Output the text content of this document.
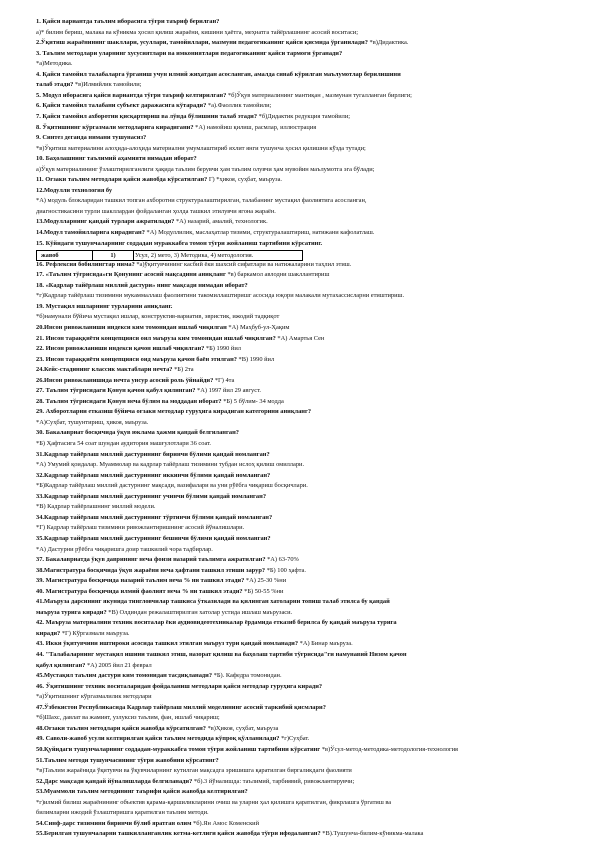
жавоб	1)	Усул, 2) мето, 3) Методика, 4) методология.
1. Қайси вариантда таълим иборасига тўғри таъриф берилган?
а)* билим бериш, малака ва кўникма ҳосил қилиш жараёни, кишини ҳаётга, меҳнатга тайёрлашнинг асосий воситаси;
2.Ўқитиш жараёнининг шакллари, усуллари, тамойиллари, мазмуни педагогиканинг қайси қисмида ўрганилади? *в)Дидактика.
3. Таълим методлари уларнинг хусусиятлари ва имкониятлари педагогиканинг қайси тармоғи ўрганади?
*а)Методика.
4. Қайси тамойил талабаларга ўрганиш учун илмий жиҳатдан асосланган, амалда синаб кўрилган маълумотлар берилишини
талаб этади? *в)Илмийлик тамойили;
5. Модул иборасига қайси вариантда тўғри таъриф келтирилган? *б)Ўқув материалининг мантиқан , мазмунан тугалланган бирлиги;
6. Қайси тамойил талабани субъект даражасига кўтаради? *а).Фаоллик тамойили;
7. Қайси тамойил ахборотни қисқартириш ва лўнда бўлишини талаб этади? *б)Дидактик редукция тамойили;
8. Ўқитишнинг кўргазмали методларига кирадигани? *А) намойиш қилиш, расмлар, иллюстрация
9. Синтез деганда нимани тушунасиз?
*в)Ўқитиш материалини алоҳида-алоҳида материални умумлаштириб яхлит янги тушунча ҳосил қилишни кўзда тутади;
10. Баҳолашнинг таълимий аҳамияти нимадан иборат?
а)Ўқув материалининг ўзлаштирилганлиги ҳақида таълим берувчи ҳам таълим олувчи ҳам мувойин маълумотга эга бўлади;
11. Оғзаки таълим методлари қайси жавобда кўрсатилган? Г) *ҳикоя, суҳбат, маъруза.
12.Модулли технология бу
*А) модуль блокларидан ташкил топган ахборотни структуралаштирилган, талабанинг мустақил фаолиятига асосланган,
диагностикасини турли шакллардан фойдаланган ҳолда ташкил этилувчи ягона жараён.
13.Модулларнинг қандай турлари ажратилади? *А) назарий, амалий, технологик.
14.Модул тамойилларига кирадиган? *А) Модуллилик, маслаҳатлар тизими, структуралаштириш, натижани кафолатлаш.
15. Кўйидаги тушунчаларнинг соддадан мураккабга томон тўғри жойланиш тартибини кўрсатинг.
16. Рефлексия бобилингтар нима? *а)ўқитувчининг касбий ёки шахсий сифатлари ва натижаларини таҳлил этиш.
17. «Таълим тўғрисида»ги Қонунинг асосий мақсадини аниқланг *в) баркамол авлодни шакллантириш
18. «Кадрлар тайёрлаш миллий дастури» нинг мақсади нимадан иборат?
*г)Кадрлар тайёрлаш тизимини мукаммаллаш фаолиятини такомиллаштиришг асосида юқори малакали мутахассисларни етиштириш.
19. Мустақил ишларнинг турларини аниқланг.
*б)намунали бўйича мустақил ишлар, конструктив-вариатив, эвристик, ижодий тадқиқот
20.Инсон ривожланиши индекси ким томонидан ишлаб чиқилган *А) Маҳбуб-ул-Ҳақим
21. Инсон тараққиёти концепцияси оил маъруза ким томонидан ишлаб чиқилган? *А) Амартья Сен
22. Инсон ривожланиши индекси қачон ишлаб чиқилган? *Б) 1990 йил
23. Инсон тараққиёти концепцияси оид маъруза қачон баён этилган? *В) 1990 йил
24.Кейс-стадининг классик мактаблари нечта? *Б) 2та
26.Инсон ривожланишида нечта унсур асосий роль ўйнайди? *Г) 4та
27. Таълим тўғрисидаги Қонун қачон қабул қилинган? *А) 1997 йил 29 август.
28. Таълим тўғрисидаги Қонун неча бўлим ва моддадан иборат? *Б) 5 бўлим- 34 модда
29. Ахборотларни етказиш бўйича оғзаки методлар гуруҳига кирадиган категорини аниқланг?
*А)Суҳбат, тушунтириш, ҳикоя, маъруза.
30. Бакалавриат босқичида ўқув юклама ҳажми қандай белгиланган?
*Б) Ҳафтасига 54 соат шундан аудитория машғулотлари 36 соат.
31.Кадрлар тайёрлаш миллий дастурининг биринчи бўлими қандай номланган?
*А) Умумий қоидалар. Муаммолар ва кадрлар тайёрлаш тизимини тубдан ислоҳ қилиш омиллари.
32.Кадрлар тайёрлаш миллий дастурининг иккинчи бўлими қандай номланган?
*Б)Кадрлар тайёрлаш миллий дастурнинг мақсади, вазифалари ва уни рўёбга чиқариш босқичлари.
33.Кадрлар тайёрлаш миллий дастурининг учинчи бўлими қандай номланган?
*В) Кадрлар тайёрлашнинг миллий модели.
34.Кадрлар тайёрлаш миллий дастурининг тўртинчи бўлими қандай номланган?
*Г) Кадрлар тайёрлаш тизимини ривожлантиришнинг асосий йўналишлари.
35.Кадрлар тайёрлаш миллий дастурининг бешинчи бўлими қандай номланган?
*А) Дастурни рўёбга чиқаришга доир ташкилий чора тадбирлар.
37. Бакалавриатда ўқув даврининг неча фоизи назарий таълимга ажратилган? *А) 63-70%
38.Магистратура босқичида ўқув жараёни неча ҳафтани ташкил этиши зарур? *Б) 100 ҳафта.
39. Магистратура босқичида назарий таълим неча % ни ташкил этади? *А) 25-30 %ни
40. Магистратура босқичида илмий фаолият неча % ни ташкил этади? *Б) 50-55 %ни
41.Маъруза дарсининг якунида тингловчилар ташкиса ўтказилади ва қилинган хатоларни топиш талаб этилса бу қандай
маъруза турига киради? *В) Олдиндан режалаштирилган хатолар устида ишлаш маърузаси.
42. Маъруза материалини техник воситалар ёки аудиовидеотехникалар ёрдамида етказиб берилса бу қандай маъруза турига
киради? *Г) Кўргазмали маъруза.
43. Икки ўқитувчини иштироки асосида ташкил этилган маъруз тури қандай номланади? *А) Бинар маъруза.
44. "Талабаларнинг мустақил ишини ташкил этиш, назорат қилиш ва баҳолаш тартиби тўғрисида"ги намунавий Низом қачон
қабул қилинган? *А) 2005 йил 21 феврал
45.Мустақил таълим дастури ким томонидан тасдиқланади? *Б). Кафедра томонидан.
46. Ўқитишнинг техник воситаларидан фойдаланиш методлари қайси методлар гуруҳига киради?
*а)Ўқитишнинг кўргазмалилик методлари
47.Ўзбекистон Республикасида Кадрлар тайёрлаш миллий моделининг асосий таркибий қисмлари?
*б)Шахс, давлат ва жамият, узлуксиз таълим, фан, ишлаб чиқариш;
48.Оғзаки таълим методлари қайси жавобда кўрсатилган? *в)Ҳикоя, суҳбат, маъруза
49. Саволи-жавоб усули келтирилган қайси таълим методида кўпроқ қўлланилади? *г)Суҳбат.
50.Қуйидаги тушунчаларнинг соддадан-мураккабга томон тўғри жойланиш тартибини кўрсатинг *в)Ўсул-метод-методика-методология-технология
51.Таълим методи тушунчасининг тўғри жавобини кўрсатинг?
*в)Таълим жараёнида ўқитувчи ва ўқувчиларнинг кутилган мақсадга эришишга қаратилган биргаликдаги фаолияти
52.Дарс мақсади қандай йўналишларда белгиланади? *б).3 йўналишда: таълимий, тарбиявий, ривожлантирувчи;
53.Муаммоли таълим методининг таърифи қайси жавобда келтирилган?
*г)илмий билиш жараёнининг объектив қарама-қаршиликларини очиш ва уларни ҳал қилишга қаратилган, фикрлашга ўргатиш ва
билимларни ижодий ўзлаштиришга қаратилган таълим методи.
54.Синф-дарс тизимини биринчи бўлиб яратган олим *б).Ян Амос Коменский
55.Берилган тушунчаларни ташкилланганлик кетма-кетлиги қайси жавобда тўғри ифодаланган? *В).Тушунча-билим-кўникма-малака
